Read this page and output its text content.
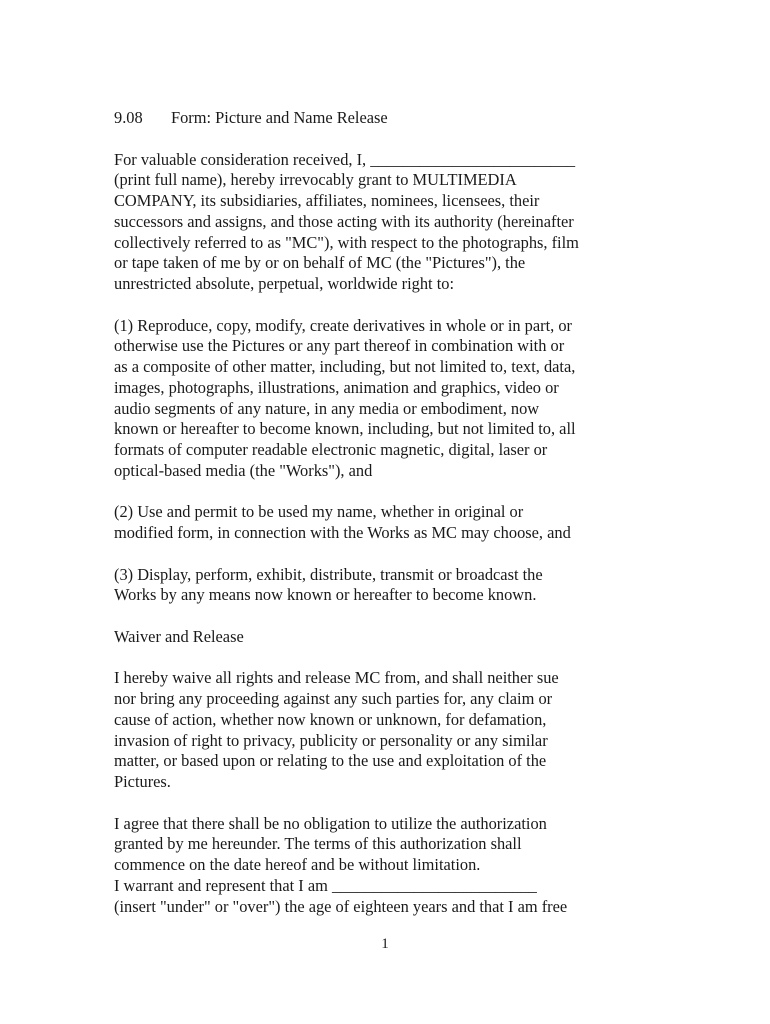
9.08	Form: Picture and Name Release

For valuable consideration received, I, _________________________
(print full name), hereby irrevocably grant to MULTIMEDIA
COMPANY, its subsidiaries, affiliates, nominees, licensees, their
successors and assigns, and those acting with its authority (hereinafter
collectively referred to as "MC"), with respect to the photographs, film
or tape taken of me by or on behalf of MC (the "Pictures"), the
unrestricted absolute, perpetual, worldwide right to:

(1) Reproduce, copy, modify, create derivatives in whole or in part, or
otherwise use the Pictures or any part thereof in combination with or
as a composite of other matter, including, but not limited to, text, data,
images, photographs, illustrations, animation and graphics, video or
audio segments of any nature, in any media or embodiment, now
known or hereafter to become known, including, but not limited to, all
formats of computer readable electronic magnetic, digital, laser or
optical-based media (the "Works"), and

(2) Use and permit to be used my name, whether in original or
modified form, in connection with the Works as MC may choose, and

(3) Display, perform, exhibit, distribute, transmit or broadcast the
Works by any means now known or hereafter to become known.

Waiver and Release

I hereby waive all rights and release MC from, and shall neither sue
nor bring any proceeding against any such parties for, any claim or
cause of action, whether now known or unknown, for defamation,
invasion of right to privacy, publicity or personality or any similar
matter, or based upon or relating to the use and exploitation of the
Pictures.

I agree that there shall be no obligation to utilize the authorization
granted by me hereunder. The terms of this authorization shall
commence on the date hereof and be without limitation.
I warrant and represent that I am _________________________
(insert "under" or "over") the age of eighteen years and that I am free

1
